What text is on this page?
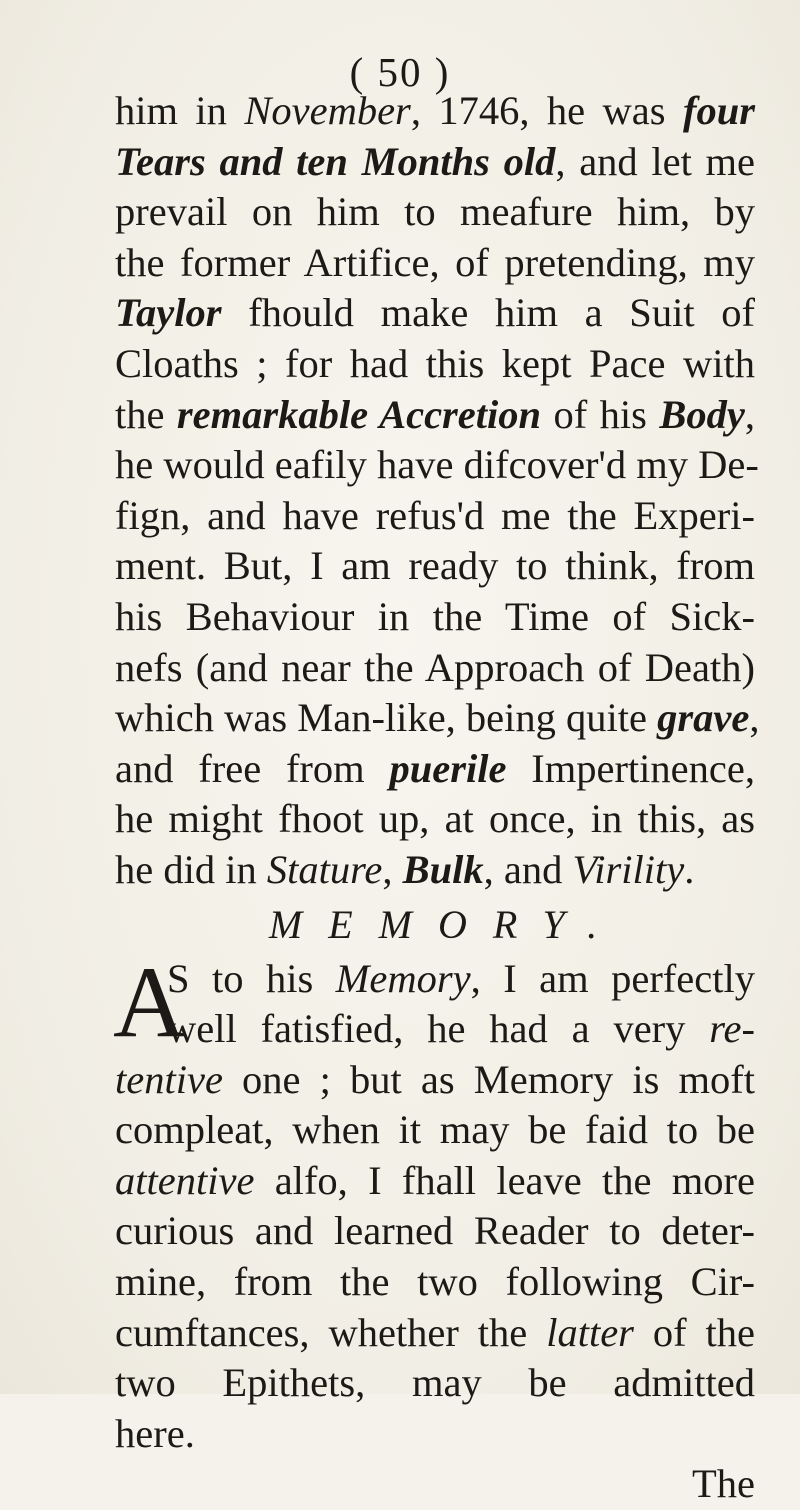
( 50 )
him in November, 1746, he was four
Tears and ten Months old, and let me
prevail on him to meafure him, by
the former Artifice, of pretending, my
Taylor fhould make him a Suit of
Cloaths ; for had this kept Pace with
the remarkable Accretion of his Body,
he would eafily have difcover'd my De-
fign, and have refus'd me the Experi-
ment. But, I am ready to think, from
his Behaviour in the Time of Sick-
nefs (and near the Approach of Death)
which was Man-like, being quite grave,
and free from puerile Impertinence,
he might fhoot up, at once, in this, as
he did in Stature, Bulk, and Virility.
MEMORY.
A
S to his Memory, I am perfectly
well fatisfied, he had a very re-
tentive one ; but as Memory is moft
compleat, when it may be faid to be
attentive alfo, I fhall leave the more
curious and learned Reader to deter-
mine, from the two following Cir-
cumftances, whether the latter of the
two Epithets, may be admitted
here.
The
